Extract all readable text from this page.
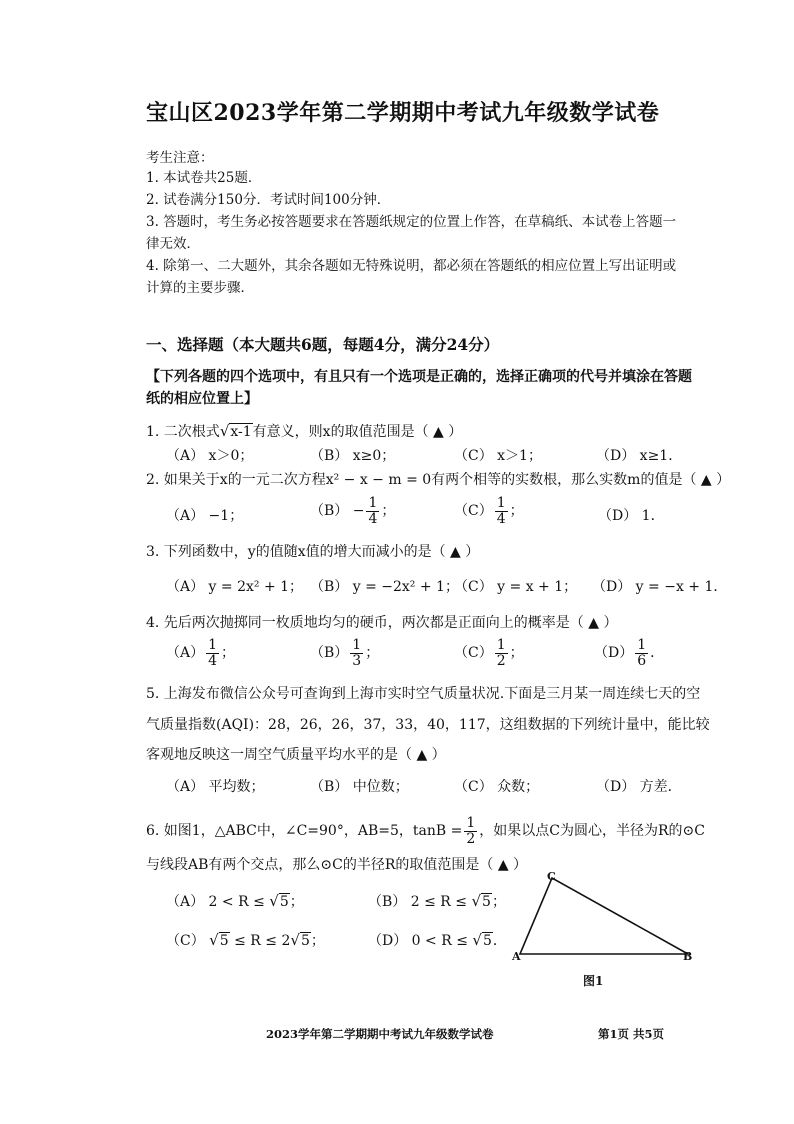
宝山区2023学年第二学期期中考试九年级数学试卷
考生注意：
1. 本试卷共25题．
2. 试卷满分150分．考试时间100分钟．
3. 答题时，考生务必按答题要求在答题纸规定的位置上作答，在草稿纸、本试卷上答题一
律无效．
4. 除第一、二大题外，其余各题如无特殊说明，都必须在答题纸的相应位置上写出证明或
计算的主要步骤．
一、选择题（本大题共6题，每题4分，满分24分）
【下列各题的四个选项中，有且只有一个选项是正确的，选择正确项的代号并填涂在答题
纸的相应位置上】
1. 二次根式√x-1有意义，则x的取值范围是（ ▲ ）
（A） x＞0；	（B） x≥0；	（C） x＞1；	（D） x≥1．
2. 如果关于x的一元二次方程x² − x − m = 0有两个相等的实数根，那么实数m的值是（ ▲ ）
（A） −1；	$(B) - \frac{1}{4}$ ；	$(C) \frac{1}{4}$ ；	（D） 1．
3. 下列函数中，y的值随x值的增大而减小的是（ ▲ ）
（A） y = 2x² + 1； （B） y = −2x² + 1；
（C） y = x + 1； （D） y = −x + 1．
4. 先后两次抛掷同一枚质地均匀的硬币，两次都是正面向上的概率是（ ▲ ）
$(A) \frac{1}{4}$ ；	$(B) \frac{1}{3}$ ；	$(C) \frac{1}{2}$ ；	$(D) \frac{1}{6}$ ．
5. 上海发布微信公众号可查询到上海市实时空气质量状况.下面是三月某一周连续七天的空
气质量指数(AQI)：28，26，26，37，33，40，117，这组数据的下列统计量中，能比较
客观地反映这一周空气质量平均水平的是（ ▲ ）
（A） 平均数；	（B） 中位数；	（C） 众数；	（D） 方差．
6. 如图1，△ABC中，∠C=90°，AB=5，$\tan B = \frac{1}{2}$ ，如果以点C为圆心，半径为R的⊙C
与线段AB有两个交点，那么⊙C的半径R的取值范围是（ ▲ ）
（A） 2 < R ≤ √5；	（B） 2 ≤ R ≤ √5；
（C） √5 ≤ R ≤ 2√5；	（D） 0 < R ≤ √5．
C
A	B
图1
2023学年第二学期期中考试九年级数学试卷	第1页 共5页
